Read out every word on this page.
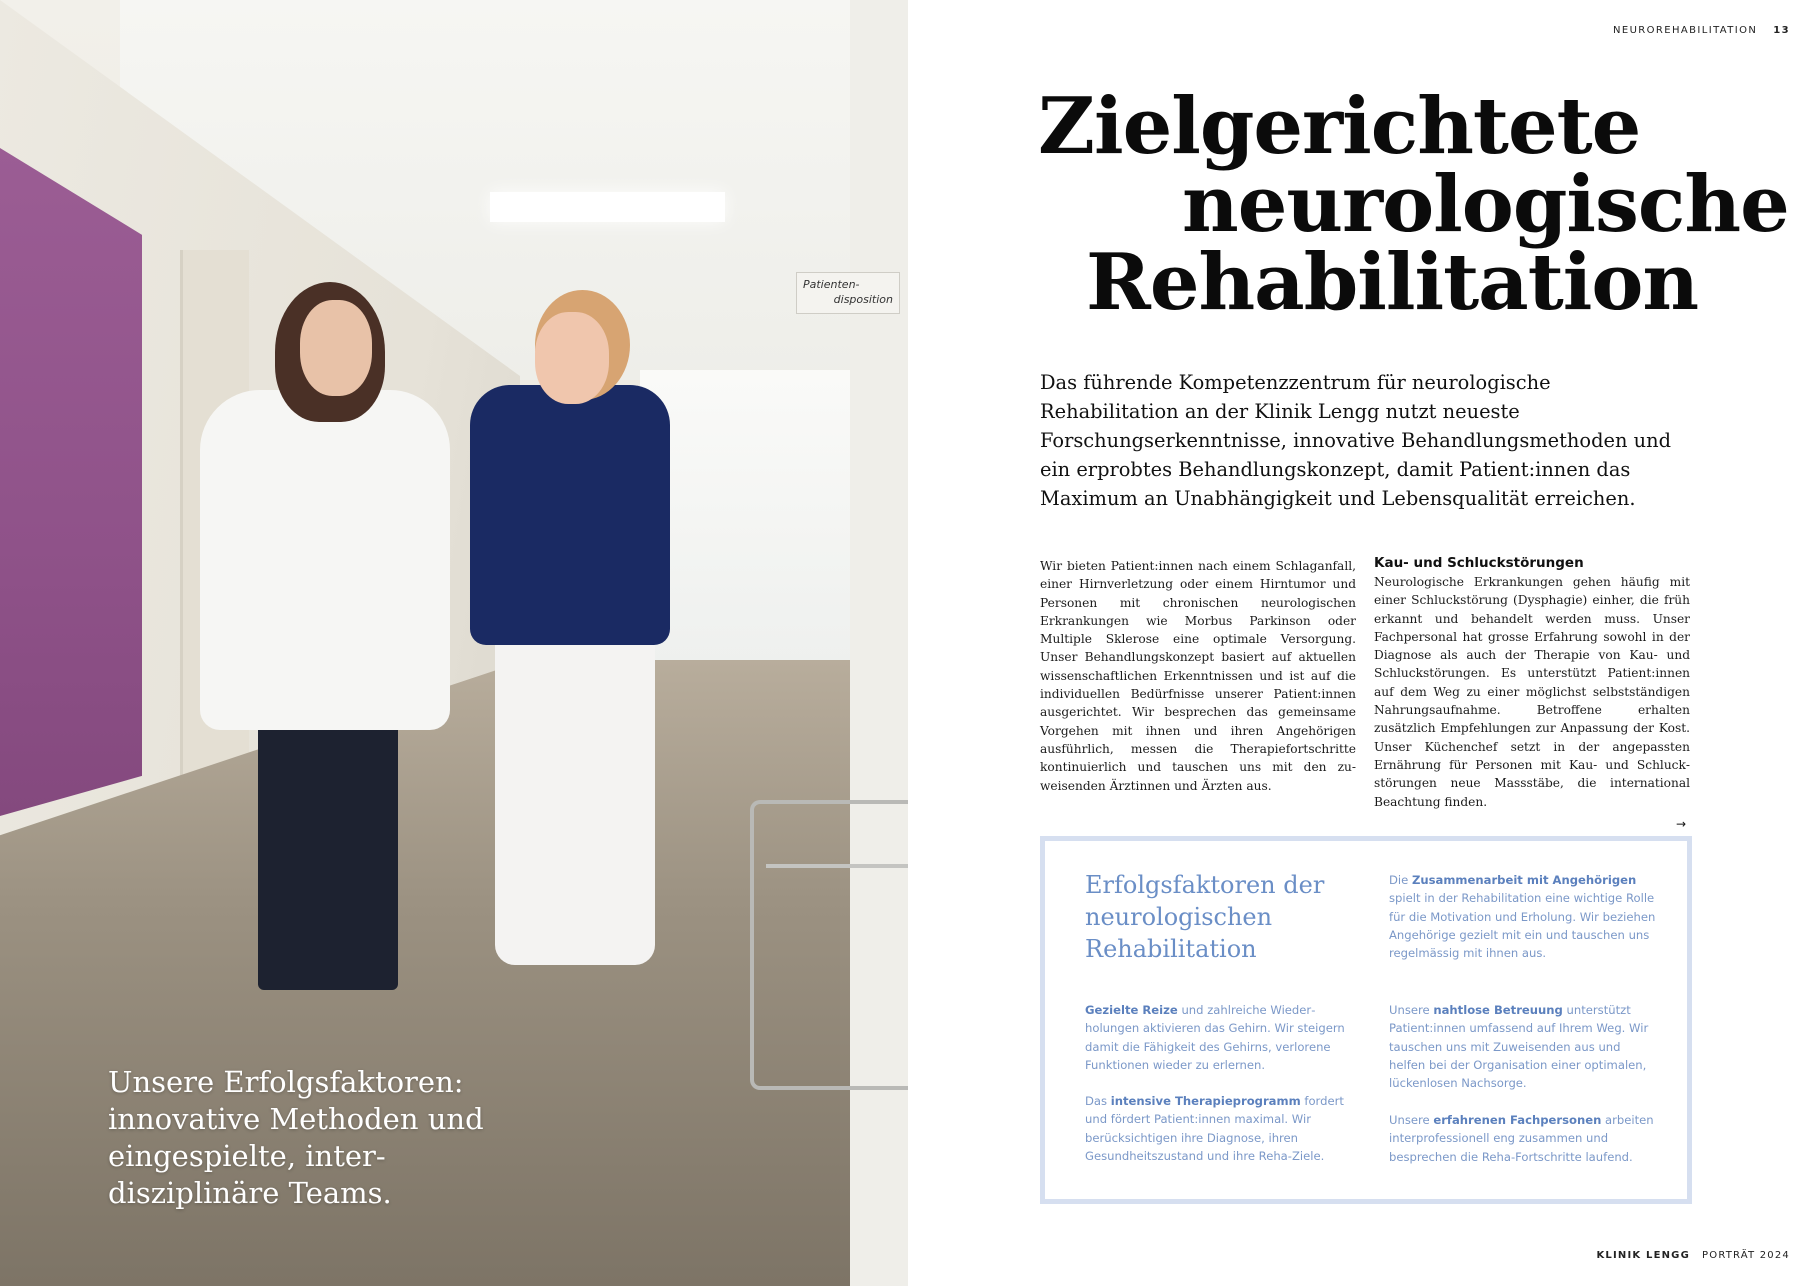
Patienten-
disposition
Unsere Erfolgsfaktoren: innovative Methoden und eingespielte, interdisziplinäre Teams.
NEUROREHABILITATION 13
Zielgerichtete
neurologische
Rehabilitation

Das führende Kompetenzzentrum für neurologische Rehabilitation an der Klinik Lengg nutzt neueste Forschungserkenntnisse, innovative Behandlungsmethoden und ein erprobtes Behandlungskonzept, damit Patient:innen das Maximum an Unabhängigkeit und Lebensqualität erreichen.

Wir bieten Patient:innen nach einem Schlaganfall, einer Hirnverletzung oder einem Hirntumor und Personen mit chronischen neurologischen Erkrankungen wie Morbus Parkinson oder Multiple Sklerose eine optimale Versorgung. Unser Behandlungskonzept basiert auf aktuellen wissenschaftlichen Erkenntnissen und ist auf die individuellen Bedürfnisse unserer Patient:innen ausgerichtet. Wir besprechen das gemeinsame Vorgehen mit ihnen und ihren Angehörigen ausführlich, messen die Therapiefortschritte kontinuierlich und tauschen uns mit den zuweisenden Ärztinnen und Ärzten aus.

Kau- und Schluckstörungen

Neurologische Erkrankungen gehen häufig mit einer Schluckstörung (Dysphagie) einher, die früh erkannt und behandelt werden muss. Unser Fachpersonal hat grosse Erfahrung sowohl in der Diagnose als auch der Therapie von Kau- und Schluckstörungen. Es unterstützt Patient:innen auf dem Weg zu einer möglichst selbstständigen Nahrungsaufnahme. Betroffene erhalten zusätzlich Empfehlungen zur Anpassung der Kost. Unser Küchenchef setzt in der angepassten Ernährung für Personen mit Kau- und Schluckstörungen neue Massstäbe, die international Beachtung finden.

→
Erfolgsfaktoren der neurologischen Rehabilitation

Gezielte Reize und zahlreiche Wiederholungen aktivieren das Gehirn. Wir steigern damit die Fähigkeit des Gehirns, verlorene Funktionen wieder zu erlernen.

Das intensive Therapieprogramm fordert und fördert Patient:innen maximal. Wir berücksichtigen ihre Diagnose, ihren Gesundheitszustand und ihre Reha-Ziele.

Die Zusammenarbeit mit Angehörigen spielt in der Rehabilitation eine wichtige Rolle für die Motivation und Erholung. Wir beziehen Angehörige gezielt mit ein und tauschen uns regelmässig mit ihnen aus.

Unsere nahtlose Betreuung unterstützt Patient:innen umfassend auf Ihrem Weg. Wir tauschen uns mit Zuweisenden aus und helfen bei der Organisation einer optimalen, lückenlosen Nachsorge.

Unsere erfahrenen Fachpersonen arbeiten interprofessionell eng zusammen und besprechen die Reha-Fortschritte laufend.

KLINIK LENGG PORTRÄT 2024
